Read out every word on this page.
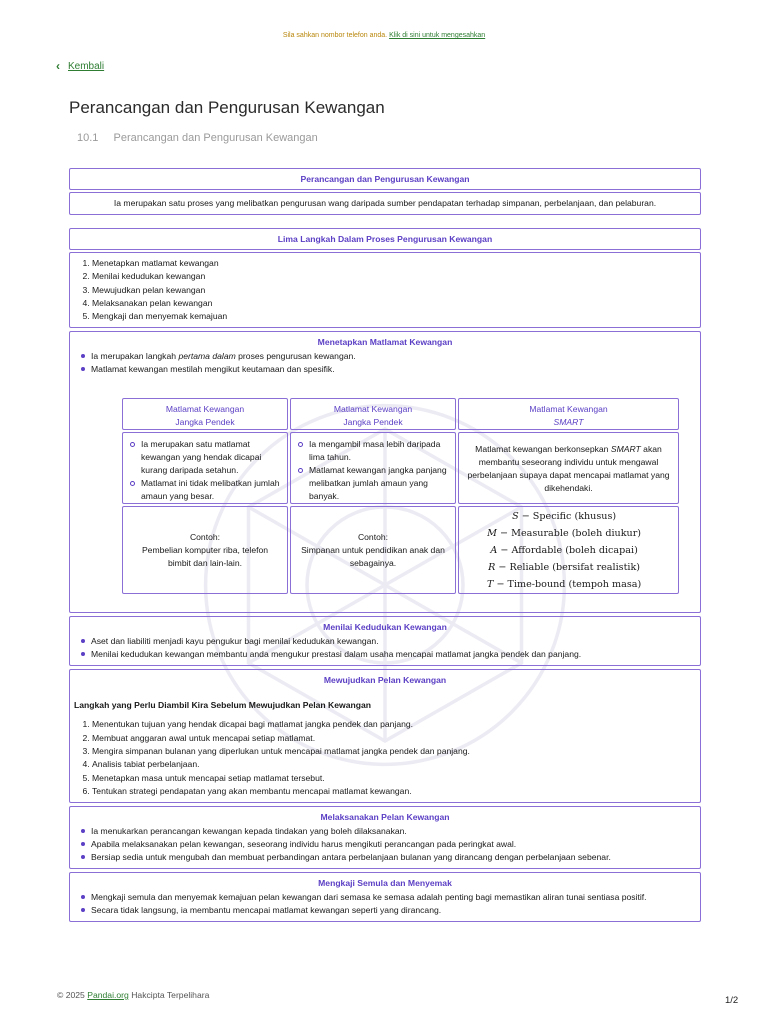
Sila sahkan nombor telefon anda. Klik di sini untuk mengesahkan
‹ Kembali
Perancangan dan Pengurusan Kewangan
10.1 Perancangan dan Pengurusan Kewangan
Perancangan dan Pengurusan Kewangan
Ia merupakan satu proses yang melibatkan pengurusan wang daripada sumber pendapatan terhadap simpanan, perbelanjaan, dan pelaburan.
Lima Langkah Dalam Proses Pengurusan Kewangan
1. Menetapkan matlamat kewangan
2. Menilai kedudukan kewangan
3. Mewujudkan pelan kewangan
4. Melaksanakan pelan kewangan
5. Mengkaji dan menyemak kemajuan
Menetapkan Matlamat Kewangan
Ia merupakan langkah pertama dalam proses pengurusan kewangan.
Matlamat kewangan mestilah mengikut keutamaan dan spesifik.
Matlamat Kewangan
Jangka Pendek
Matlamat Kewangan
Jangka Pendek
Matlamat Kewangan
SMART
Ia merupakan satu matlamat kewangan yang hendak dicapai kurang daripada setahun.
Matlamat ini tidak melibatkan jumlah amaun yang besar.
Ia mengambil masa lebih daripada lima tahun.
Matlamat kewangan jangka panjang melibatkan jumlah amaun yang banyak.
Matlamat kewangan berkonsepkan SMART akan membantu seseorang individu untuk mengawal perbelanjaan supaya dapat mencapai matlamat yang dikehendaki.
Contoh:
Pembelian komputer riba, telefon bimbit dan lain-lain.
Contoh:
Simpanan untuk pendidikan anak dan sebagainya.
S − Specific (khusus)
M − Measurable (boleh diukur)
A − Affordable (boleh dicapai)
R − Reliable (bersifat realistik)
T − Time-bound (tempoh masa)
Menilai Kedudukan Kewangan
Aset dan liabiliti menjadi kayu pengukur bagi menilai kedudukan kewangan.
Menilai kedudukan kewangan membantu anda mengukur prestasi dalam usaha mencapai matlamat jangka pendek dan panjang.
Mewujudkan Pelan Kewangan
Langkah yang Perlu Diambil Kira Sebelum Mewujudkan Pelan Kewangan
1. Menentukan tujuan yang hendak dicapai bagi matlamat jangka pendek dan panjang.
2. Membuat anggaran awal untuk mencapai setiap matlamat.
3. Mengira simpanan bulanan yang diperlukan untuk mencapai matlamat jangka pendek dan panjang.
4. Analisis tabiat perbelanjaan.
5. Menetapkan masa untuk mencapai setiap matlamat tersebut.
6. Tentukan strategi pendapatan yang akan membantu mencapai matlamat kewangan.
Melaksanakan Pelan Kewangan
Ia menukarkan perancangan kewangan kepada tindakan yang boleh dilaksanakan.
Apabila melaksanakan pelan kewangan, seseorang individu harus mengikuti perancangan pada peringkat awal.
Bersiap sedia untuk mengubah dan membuat perbandingan antara perbelanjaan bulanan yang dirancang dengan perbelanjaan sebenar.
Mengkaji Semula dan Menyemak
Mengkaji semula dan menyemak kemajuan pelan kewangan dari semasa ke semasa adalah penting bagi memastikan aliran tunai sentiasa positif.
Secara tidak langsung, ia membantu mencapai matlamat kewangan seperti yang dirancang.
© 2025 Pandai.org Hakcipta Terpelihara	1/2
